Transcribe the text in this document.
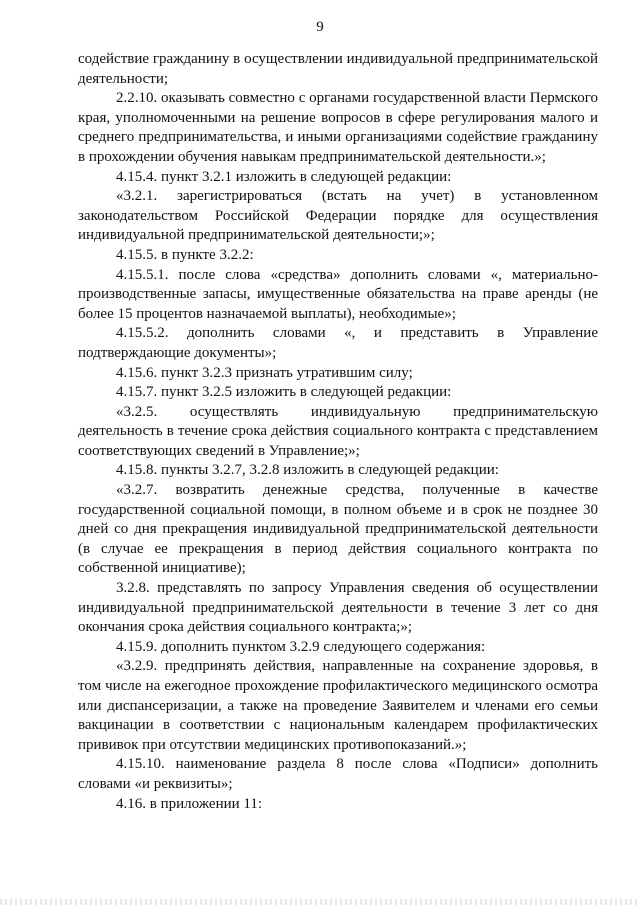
9

содействие гражданину в осуществлении индивидуальной предпринимательской деятельности;

2.2.10. оказывать совместно с органами государственной власти Пермского края, уполномоченными на решение вопросов в сфере регулирования малого и среднего предпринимательства, и иными организациями содействие гражданину в прохождении обучения навыкам предпринимательской деятельности.»;

4.15.4. пункт 3.2.1 изложить в следующей редакции:

«3.2.1. зарегистрироваться (встать на учет) в установленном законодательством Российской Федерации порядке для осуществления индивидуальной предпринимательской деятельности;»;

4.15.5. в пункте 3.2.2:

4.15.5.1. после слова «средства» дополнить словами «, материально-производственные запасы, имущественные обязательства на праве аренды (не более 15 процентов назначаемой выплаты), необходимые»;

4.15.5.2. дополнить словами «, и представить в Управление подтверждающие документы»;

4.15.6. пункт 3.2.3 признать утратившим силу;

4.15.7. пункт 3.2.5 изложить в следующей редакции:

«3.2.5. осуществлять индивидуальную предпринимательскую деятельность в течение срока действия социального контракта с представлением соответствующих сведений в Управление;»;

4.15.8. пункты 3.2.7, 3.2.8 изложить в следующей редакции:

«3.2.7. возвратить денежные средства, полученные в качестве государственной социальной помощи, в полном объеме и в срок не позднее 30 дней со дня прекращения индивидуальной предпринимательской деятельности (в случае ее прекращения в период действия социального контракта по собственной инициативе);

3.2.8. представлять по запросу Управления сведения об осуществлении индивидуальной предпринимательской деятельности в течение 3 лет со дня окончания срока действия социального контракта;»;

4.15.9. дополнить пунктом 3.2.9 следующего содержания:

«3.2.9. предпринять действия, направленные на сохранение здоровья, в том числе на ежегодное прохождение профилактического медицинского осмотра или диспансеризации, а также на проведение Заявителем и членами его семьи вакцинации в соответствии с национальным календарем профилактических прививок при отсутствии медицинских противопоказаний.»;

4.15.10. наименование раздела 8 после слова «Подписи» дополнить словами «и реквизиты»;

4.16. в приложении 11:
